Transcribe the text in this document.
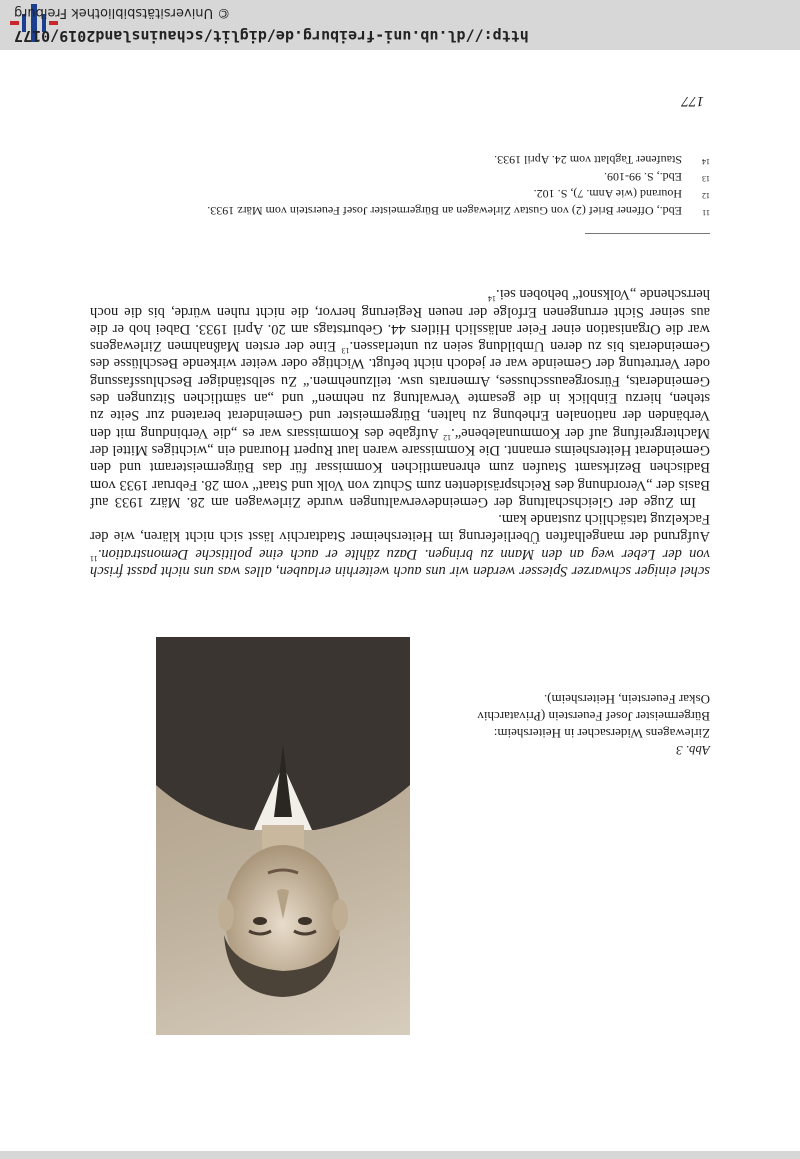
177
11
Ebd., Offener Brief (2) von Gustav Zirlewagen an Bürgermeister Josef Feuerstein vom März 1933.
12
Hourand (wie Anm. 7), S. 102.
13
Ebd., S. 99-109.
14
Staufener Tagblatt vom 24. April 1933.

schel einiger schwarzer Spiesser werden wir uns auch weiterhin erlauben, alles was uns nicht passt frisch von der Leber weg an den Mann zu bringen. Dazu zählte er auch eine politische Demonstration.$^{11}$ Aufgrund der mangelhaften Überlieferung im Heitersheimer Stadtarchiv lässt sich nicht klären, wie der Fackelzug tatsächlich zustande kam.

Im Zuge der Gleichschaltung der Gemeindeverwaltungen wurde Zirlewagen am 28. März 1933 auf Basis der „Verordnung des Reichspräsidenten zum Schutz von Volk und Staat“ vom 28. Februar 1933 vom Badischen Bezirksamt Staufen zum ehrenamtlichen Kommissar für das Bürgermeisteramt und den Gemeinderat Heitersheims ernannt. Die Kommissare waren laut Rupert Hourand ein „wichtiges Mittel der Machtergreifung auf der Kommunalebene“.$^{12}$ Aufgabe des Kommissars war es „die Verbindung mit den Verbänden der nationalen Erhebung zu halten, Bürgermeister und Gemeinderat beratend zur Seite zu stehen, hierzu Einblick in die gesamte Verwaltung zu nehmen“ und „an sämtlichen Sitzungen des Gemeinderats, Fürsorgeausschusses, Armenrats usw. teilzunehmen.“ Zu selbständiger Beschlussfassung oder Vertretung der Gemeinde war er jedoch nicht befugt. Wichtige oder weiter wirkende Beschlüsse des Gemeinderats bis zu deren Umbildung seien zu unterlassen.$^{13}$ Eine der ersten Maßnahmen Zirlewagens war die Organisation einer Feier anlässlich Hitlers 44. Geburtstags am 20. April 1933. Dabei hob er die aus seiner Sicht errungenen Erfolge der neuen Regierung hervor, die nicht ruhen würde, bis die noch herrschende „Volksnot“ behoben sei.$^{14}$

Abb. 3
Zirlewagens Widersacher in Heitersheim: Bürgermeister Josef Feuerstein (Privatarchiv Oskar Feuerstein, Heitersheim).
http://dl.ub.uni-freiburg.de/diglit/schauinsland2019/0177
© Universitätsbibliothek Freiburg
